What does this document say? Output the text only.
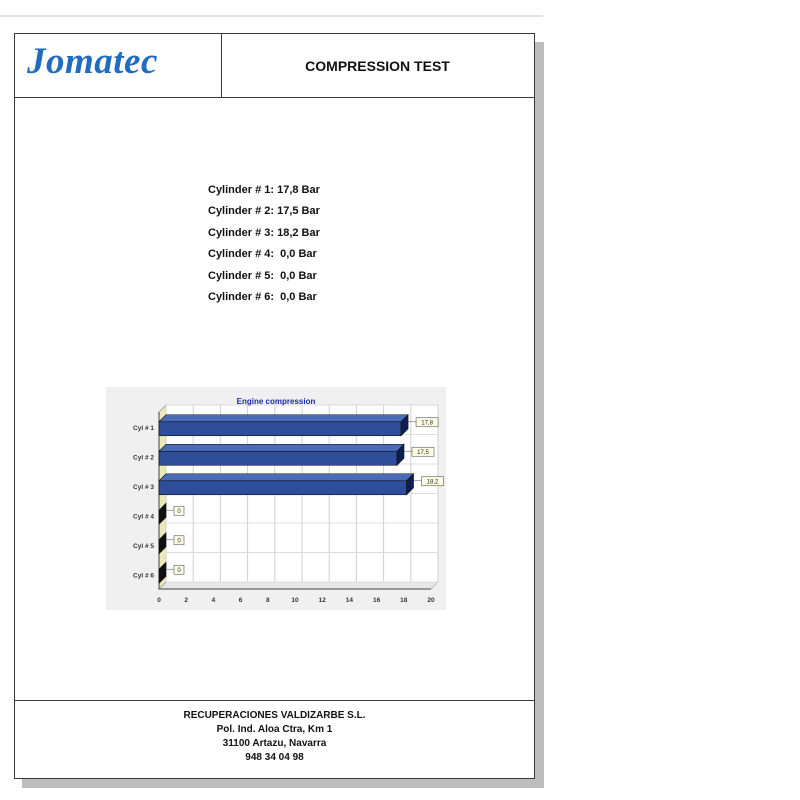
Jomatec	COMPRESSION TEST
Cylinder # 1: 17,8 Bar
Cylinder # 2: 17,5 Bar
Cylinder # 3: 18,2 Bar
Cylinder # 4:  0,0 Bar
Cylinder # 5:  0,0 Bar
Cylinder # 6:  0,0 Bar
Engine compression
0	2	4	6	8	10	12	14	16	18	20
Cyl # 1
17,8
Cyl # 2
17,5
Cyl # 3
18,2
Cyl # 4
0
Cyl # 5
0
Cyl # 6
0
RECUPERACIONES VALDIZARBE S.L.
Pol. Ind. Aloa Ctra, Km 1
31100 Artazu, Navarra
948 34 04 98
